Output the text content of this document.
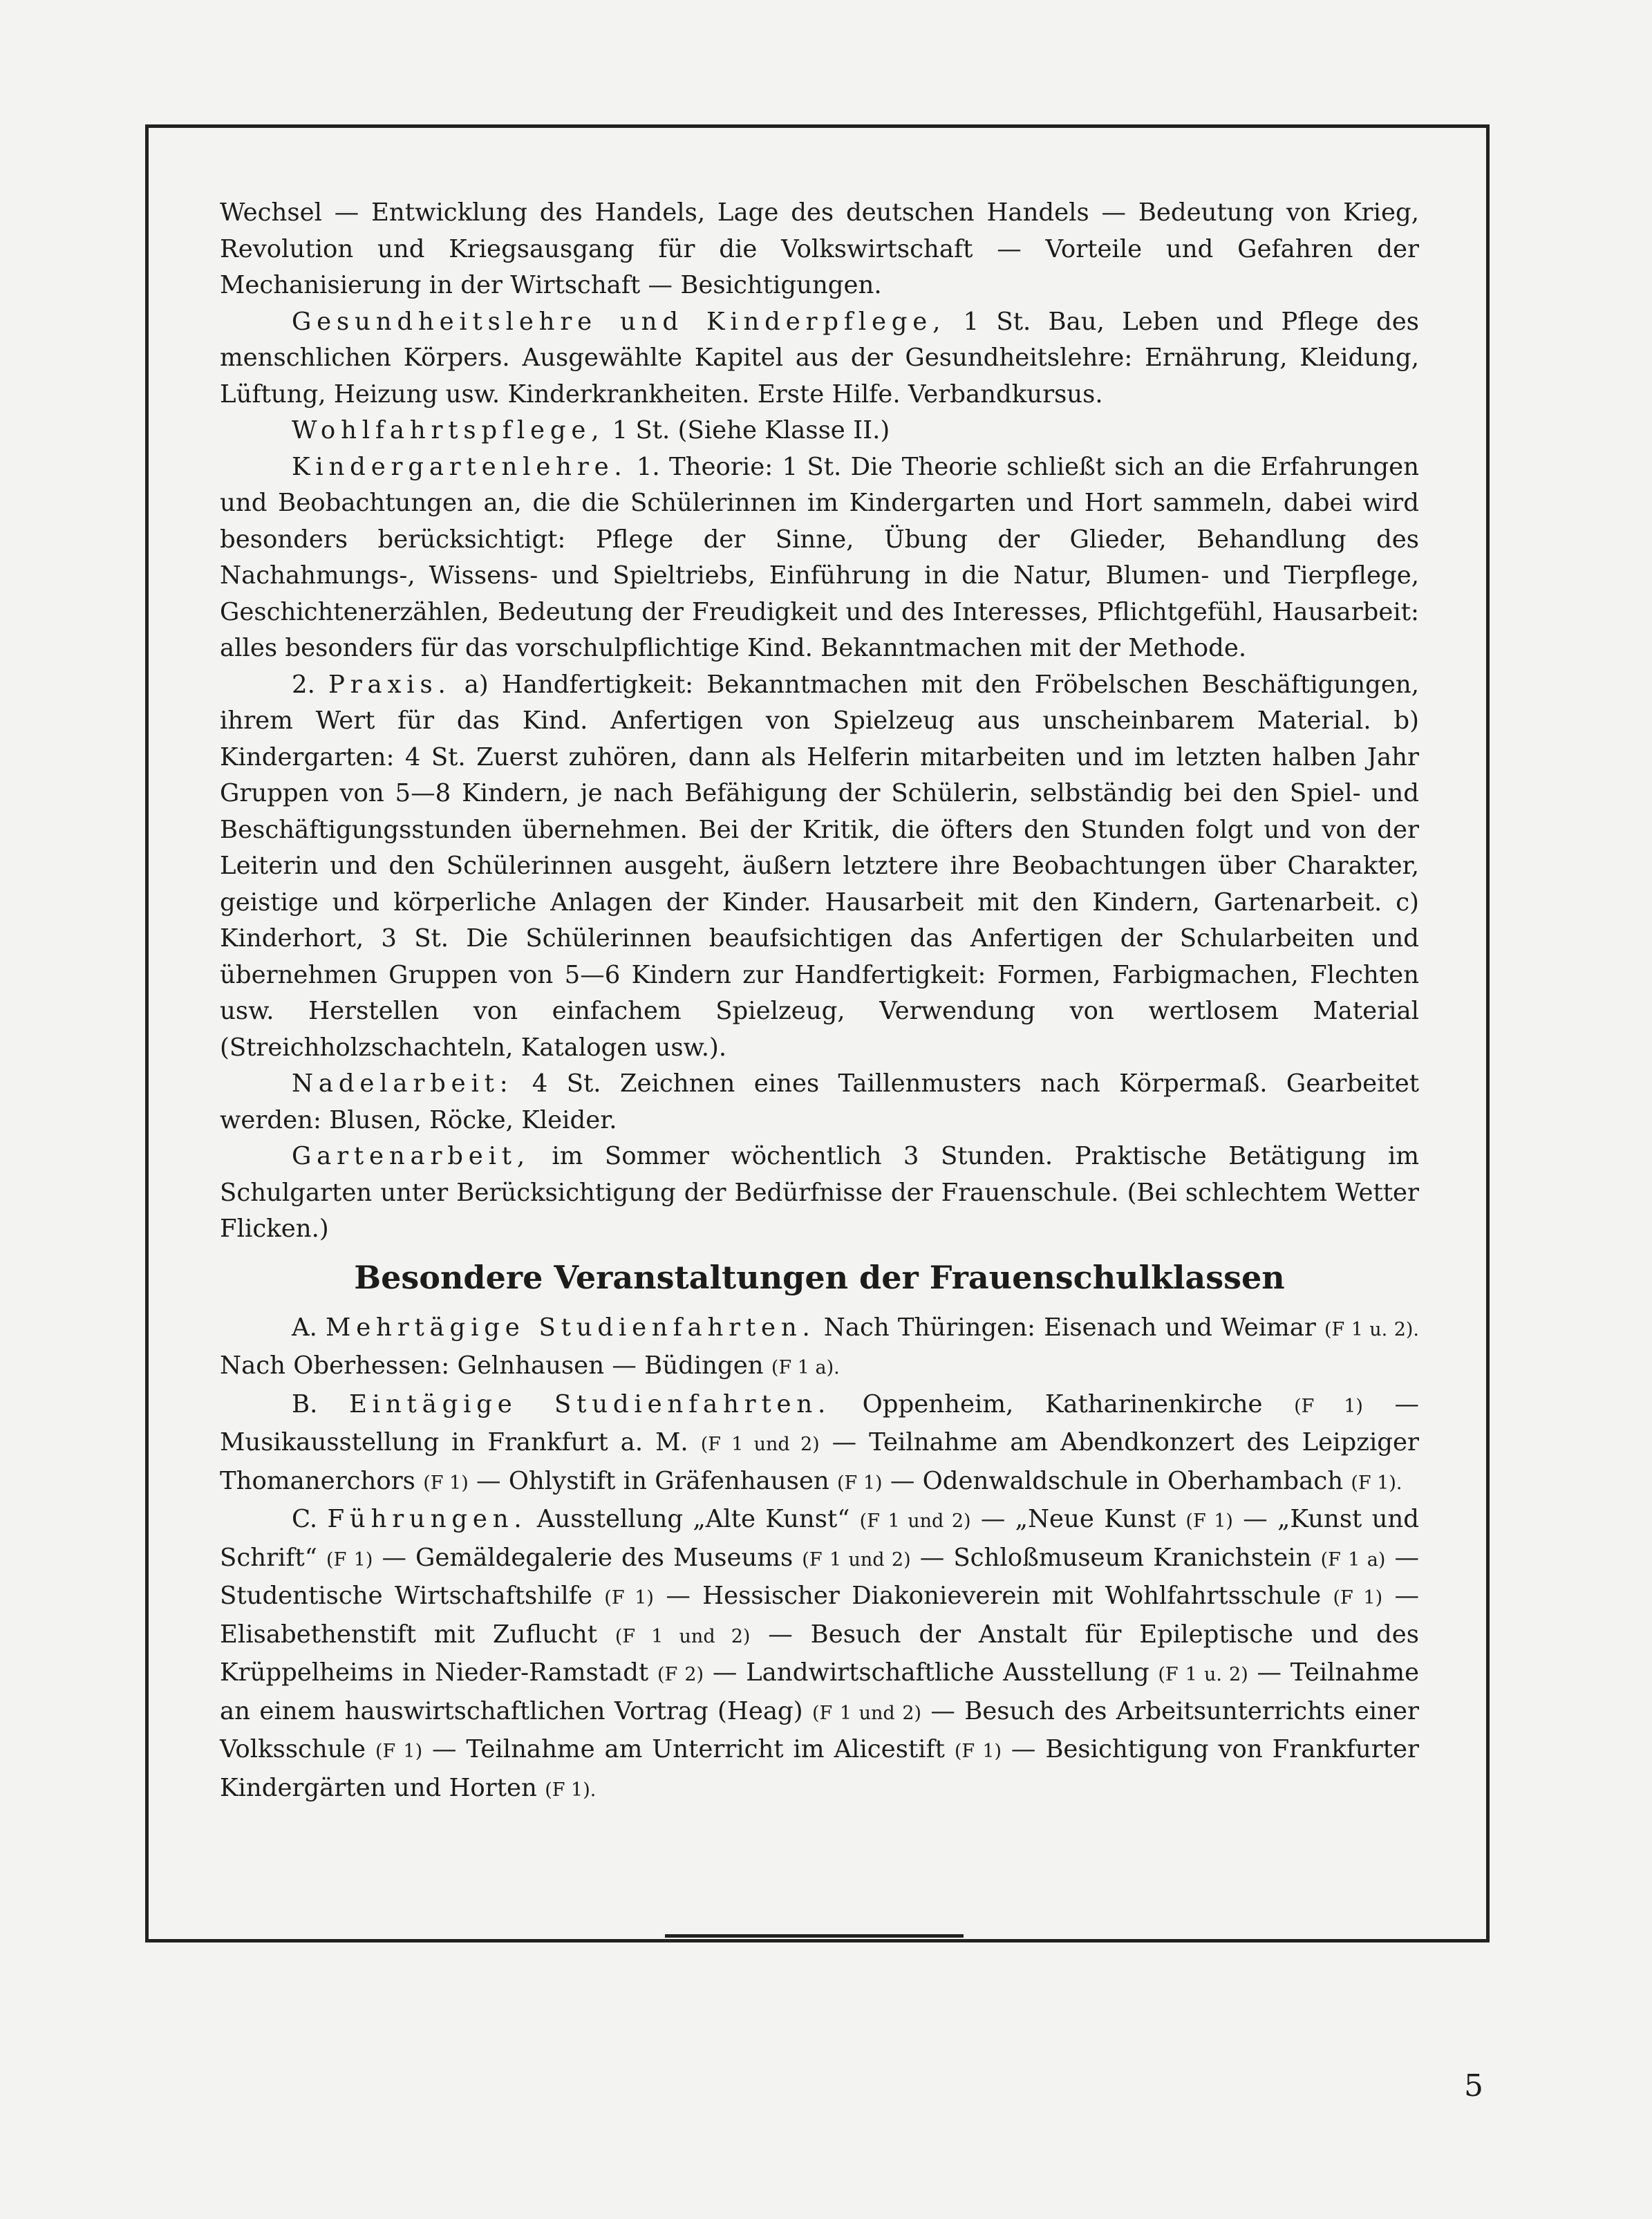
Wechsel — Entwicklung des Handels, Lage des deutschen Handels — Bedeutung von Krieg, Revolution und Kriegsausgang für die Volkswirtschaft — Vorteile und Gefahren der Mechanisierung in der Wirtschaft — Besichtigungen.

Gesundheitslehre und Kinderpflege, 1 St. Bau, Leben und Pflege des menschlichen Körpers. Ausgewählte Kapitel aus der Gesundheitslehre: Ernährung, Kleidung, Lüftung, Heizung usw. Kinderkrankheiten. Erste Hilfe. Verbandkursus.

Wohlfahrtspflege, 1 St. (Siehe Klasse II.)

Kindergartenlehre. 1. Theorie: 1 St. Die Theorie schließt sich an die Erfahrungen und Beobachtungen an, die die Schülerinnen im Kindergarten und Hort sammeln, dabei wird besonders berücksichtigt: Pflege der Sinne, Übung der Glieder, Behandlung des Nachahmungs-, Wissens- und Spieltriebs, Einführung in die Natur, Blumen- und Tierpflege, Geschichtenerzählen, Bedeutung der Freudigkeit und des Interesses, Pflichtgefühl, Hausarbeit: alles besonders für das vorschulpflichtige Kind. Bekanntmachen mit der Methode.

2. Praxis. a) Handfertigkeit: Bekanntmachen mit den Fröbelschen Beschäftigungen, ihrem Wert für das Kind. Anfertigen von Spielzeug aus unscheinbarem Material. b) Kindergarten: 4 St. Zuerst zuhören, dann als Helferin mitarbeiten und im letzten halben Jahr Gruppen von 5—8 Kindern, je nach Befähigung der Schülerin, selbständig bei den Spiel- und Beschäftigungsstunden übernehmen. Bei der Kritik, die öfters den Stunden folgt und von der Leiterin und den Schülerinnen ausgeht, äußern letztere ihre Beobachtungen über Charakter, geistige und körperliche Anlagen der Kinder. Hausarbeit mit den Kindern, Gartenarbeit. c) Kinderhort, 3 St. Die Schülerinnen beaufsichtigen das Anfertigen der Schularbeiten und übernehmen Gruppen von 5—6 Kindern zur Handfertigkeit: Formen, Farbigmachen, Flechten usw. Herstellen von einfachem Spielzeug, Verwendung von wertlosem Material (Streichholzschachteln, Katalogen usw.).

Nadelarbeit: 4 St. Zeichnen eines Taillenmusters nach Körpermaß. Gearbeitet werden: Blusen, Röcke, Kleider.

Gartenarbeit, im Sommer wöchentlich 3 Stunden. Praktische Betätigung im Schulgarten unter Berücksichtigung der Bedürfnisse der Frauenschule. (Bei schlechtem Wetter Flicken.)

Besondere Veranstaltungen der Frauenschulklassen

A. Mehrtägige Studienfahrten. Nach Thüringen: Eisenach und Weimar (F 1 u. 2). Nach Oberhessen: Gelnhausen — Büdingen (F 1 a).

B. Eintägige Studienfahrten. Oppenheim, Katharinenkirche (F 1) — Musikausstellung in Frankfurt a. M. (F 1 und 2) — Teilnahme am Abendkonzert des Leipziger Thomanerchors (F 1) — Ohlystift in Gräfenhausen (F 1) — Odenwaldschule in Oberhambach (F 1).

C. Führungen. Ausstellung „Alte Kunst“ (F 1 und 2) — „Neue Kunst (F 1) — „Kunst und Schrift“ (F 1) — Gemäldegalerie des Museums (F 1 und 2) — Schloßmuseum Kranichstein (F 1 a) — Studentische Wirtschaftshilfe (F 1) — Hessischer Diakonieverein mit Wohlfahrtsschule (F 1) — Elisabethenstift mit Zuflucht (F 1 und 2) — Besuch der Anstalt für Epileptische und des Krüppelheims in Nieder-Ramstadt (F 2) — Landwirtschaftliche Ausstellung (F 1 u. 2) — Teilnahme an einem hauswirtschaftlichen Vortrag (Heag) (F 1 und 2) — Besuch des Arbeitsunterrichts einer Volksschule (F 1) — Teilnahme am Unterricht im Alicestift (F 1) — Besichtigung von Frankfurter Kindergärten und Horten (F 1).

5
